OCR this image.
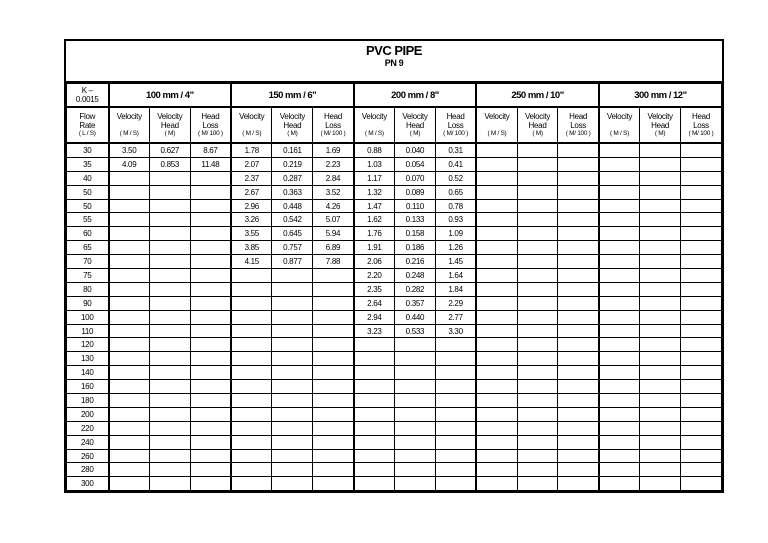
PVC PIPE
PN 9
K –
0.0015	100 mm / 4"			150 mm / 6"			200 mm / 8"			250 mm / 10"			300 mm / 12"		
Flow
Rate
( L / S)	Velocity

( M / S)	Velocity
Head
( M)	Head
Loss
( M/ 100 )	Velocity

( M / S)	Velocity
Head
( M)	Head
Loss
( M/ 100 )	Velocity

( M / S)	Velocity
Head
( M)	Head
Loss
( M/ 100 )	Velocity

( M / S)	Velocity
Head
( M)	Head
Loss
( M/ 100 )	Velocity

( M / S)	Velocity
Head
( M)	Head
Loss
( M/ 100 )

30	3.50	0.627	8.67	1.78	0.161	1.69	0.88	0.040	0.31						
35	4.09	0.853	11.48	2.07	0.219	2.23	1.03	0.054	0.41						
40				2.37	0.287	2.84	1.17	0.070	0.52						
50				2.67	0.363	3.52	1.32	0.089	0.65						
50				2.96	0.448	4.26	1.47	0.110	0.78						
55				3.26	0.542	5.07	1.62	0.133	0.93						
60				3.55	0.645	5.94	1.76	0.158	1.09						
65				3.85	0.757	6.89	1.91	0.186	1.26						
70				4.15	0.877	7.88	2.06	0.216	1.45						
75							2.20	0.248	1.64						
80							2.35	0.282	1.84						
90							2.64	0.357	2.29						
100							2.94	0.440	2.77						
110							3.23	0.533	3.30						
120															
130															
140															
160															
180															
200															
220															
240															
260															
280															
300															
